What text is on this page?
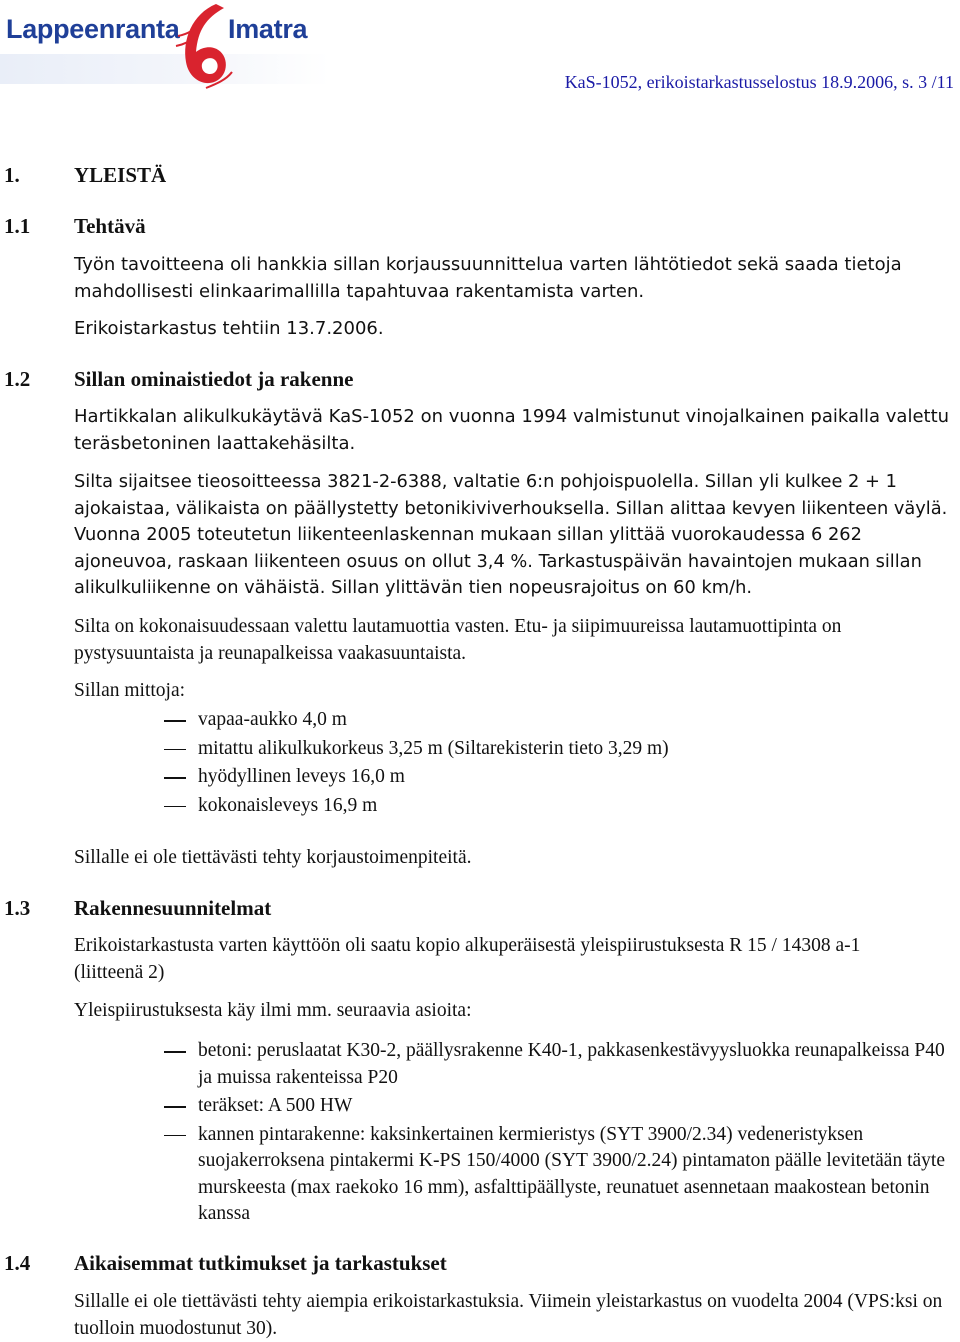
Lappeenranta Imatra
KaS-1052, erikoistarkastusselostus 18.9.2006, s. 3 /11
1.	YLEISTÄ
1.1 Tehtävä
Työn tavoitteena oli hankkia sillan korjaussuunnittelua varten lähtötiedot sekä saada tietoja mahdollisesti elinkaarimallilla tapahtuvaa rakentamista varten.
Erikoistarkastus tehtiin 13.7.2006.
1.2 Sillan ominaistiedot ja rakenne
Hartikkalan alikulkukäytävä KaS-1052 on vuonna 1994 valmistunut vinojalkainen paikalla valettu teräsbetoninen laattakehäsilta.
Silta sijaitsee tieosoitteessa 3821-2-6388, valtatie 6:n pohjoispuolella. Sillan yli kulkee 2 + 1 ajokaistaa, välikaista on päällystetty betonikiviverhouksella. Sillan alittaa kevyen liikenteen väylä. Vuonna 2005 toteutetun liikenteenlaskennan mukaan sillan ylittää vuorokaudessa 6 262 ajoneuvoa, raskaan liikenteen osuus on ollut 3,4 %. Tarkastuspäivän havaintojen mukaan sillan alikulkuliikenne on vähäistä. Sillan ylittävän tien nopeusrajoitus on 60 km/h.
Silta on kokonaisuudessaan valettu lautamuottia vasten. Etu- ja siipimuureissa lautamuottipinta on pystysuuntaista ja reunapalkeissa vaakasuuntaista.
Sillan mittoja:
vapaa-aukko 4,0 m
mitattu alikulkukorkeus 3,25 m (Siltarekisterin tieto 3,29 m)
hyödyllinen leveys 16,0 m
kokonaisleveys 16,9 m
Sillalle ei ole tiettävästi tehty korjaustoimenpiteitä.
1.3 Rakennesuunnitelmat
Erikoistarkastusta varten käyttöön oli saatu kopio alkuperäisestä yleispiirustuksesta R 15 / 14308 a-1 (liitteenä 2)
Yleispiirustuksesta käy ilmi mm. seuraavia asioita:
betoni: peruslaatat K30-2, päällysrakenne K40-1, pakkasenkestävyysluokka reunapalkeissa P40 ja muissa rakenteissa P20
teräkset: A 500 HW
kannen pintarakenne: kaksinkertainen kermieristys (SYT 3900/2.34) vedeneristyksen suojakerroksena pintakermi K-PS 150/4000 (SYT 3900/2.24) pintamaton päälle levitetään täyte murskeesta (max raekoko 16 mm), asfalttipäällyste, reunatuet asennetaan maakostean betonin kanssa
1.4 Aikaisemmat tutkimukset ja tarkastukset
Sillalle ei ole tiettävästi tehty aiempia erikoistarkastuksia. Viimein yleistarkastus on vuodelta 2004 (VPS:ksi on tuolloin muodostunut 30).
